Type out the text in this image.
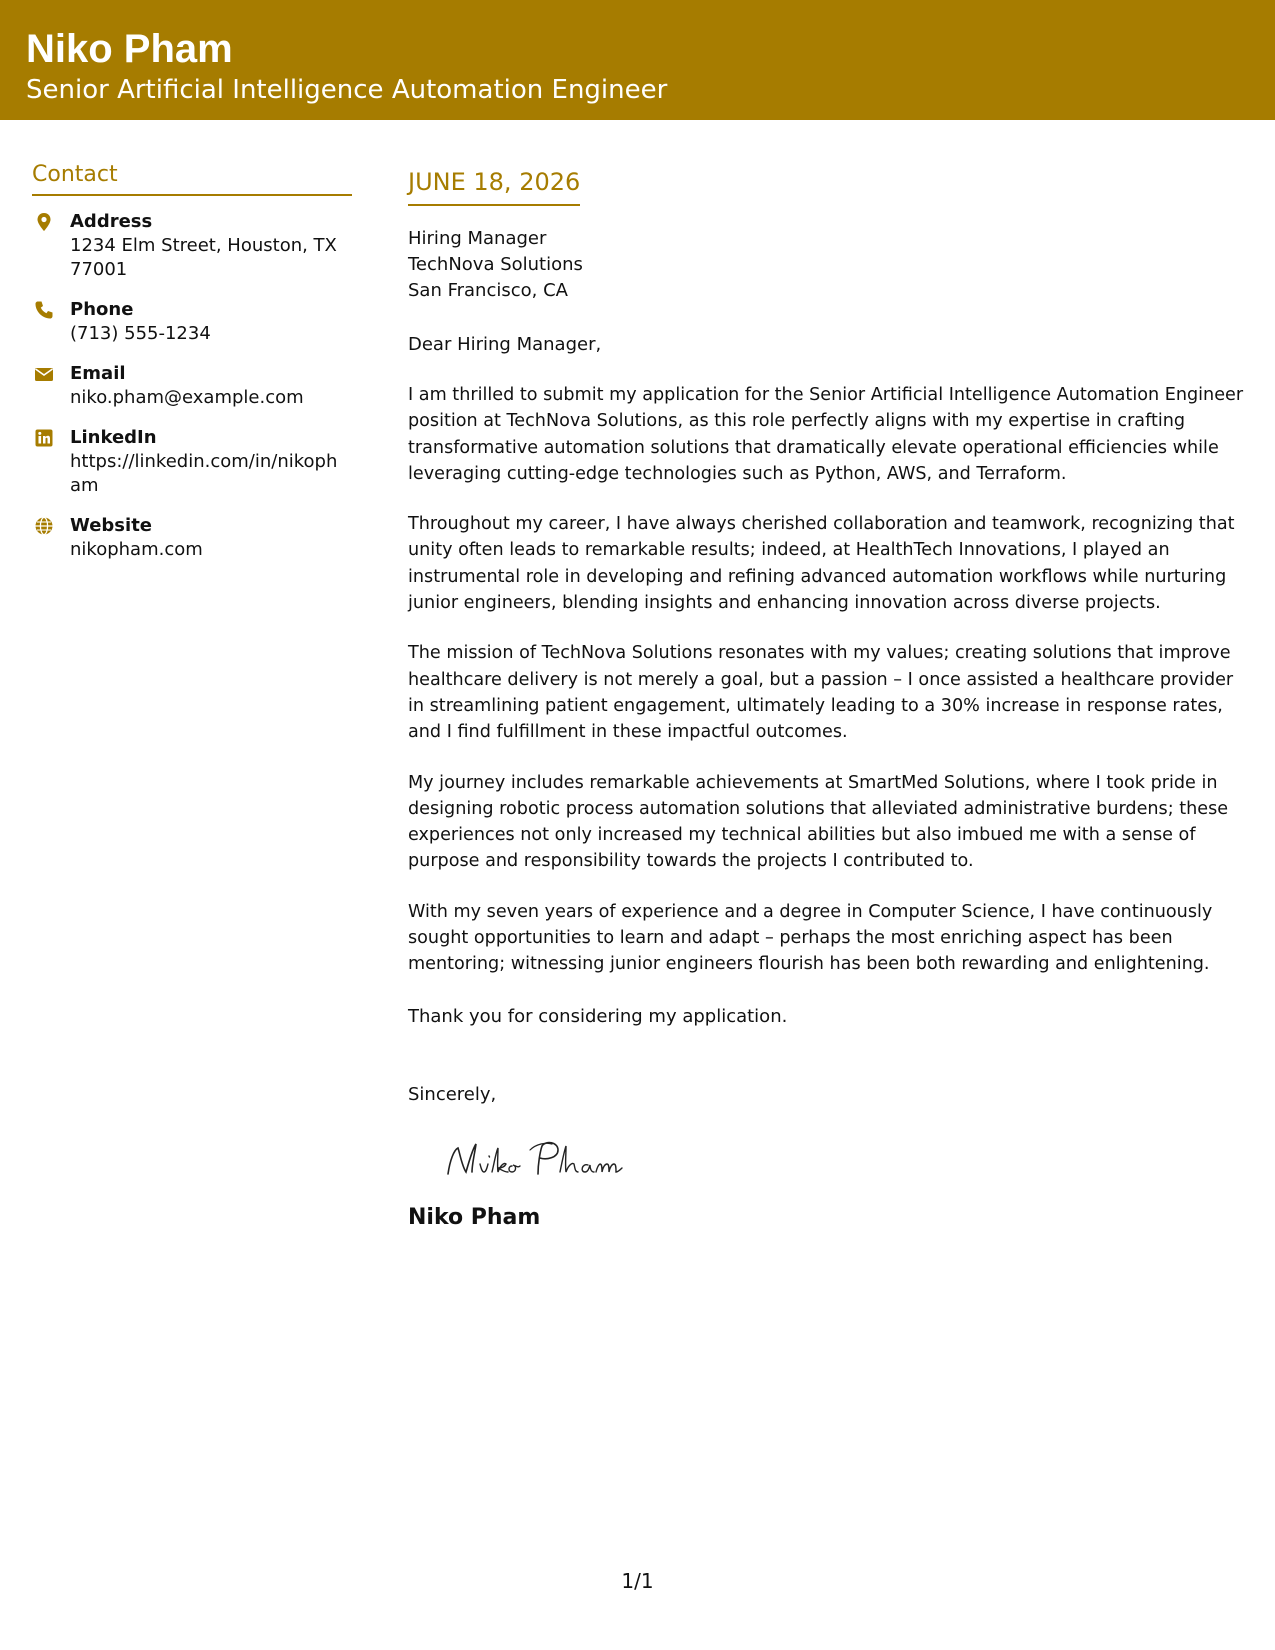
Niko Pham
Senior Artificial Intelligence Automation Engineer
Contact
Address
1234 Elm Street, Houston, TX 77001
Phone
(713) 555-1234
Email
niko.pham@example.com
LinkedIn
https://linkedin.com/in/nikopham
Website
nikopham.com
JUNE 18, 2026
Hiring Manager
TechNova Solutions
San Francisco, CA
Dear Hiring Manager,
I am thrilled to submit my application for the Senior Artificial Intelligence Automation Engineer position at TechNova Solutions, as this role perfectly aligns with my expertise in crafting transformative automation solutions that dramatically elevate operational efficiencies while leveraging cutting-edge technologies such as Python, AWS, and Terraform.
Throughout my career, I have always cherished collaboration and teamwork, recognizing that unity often leads to remarkable results; indeed, at HealthTech Innovations, I played an instrumental role in developing and refining advanced automation workflows while nurturing junior engineers, blending insights and enhancing innovation across diverse projects.
The mission of TechNova Solutions resonates with my values; creating solutions that improve healthcare delivery is not merely a goal, but a passion – I once assisted a healthcare provider in streamlining patient engagement, ultimately leading to a 30% increase in response rates, and I find fulfillment in these impactful outcomes.
My journey includes remarkable achievements at SmartMed Solutions, where I took pride in designing robotic process automation solutions that alleviated administrative burdens; these experiences not only increased my technical abilities but also imbued me with a sense of purpose and responsibility towards the projects I contributed to.
With my seven years of experience and a degree in Computer Science, I have continuously sought opportunities to learn and adapt – perhaps the most enriching aspect has been mentoring; witnessing junior engineers flourish has been both rewarding and enlightening.
Thank you for considering my application.
Sincerely,
Niko Pham
1/1
